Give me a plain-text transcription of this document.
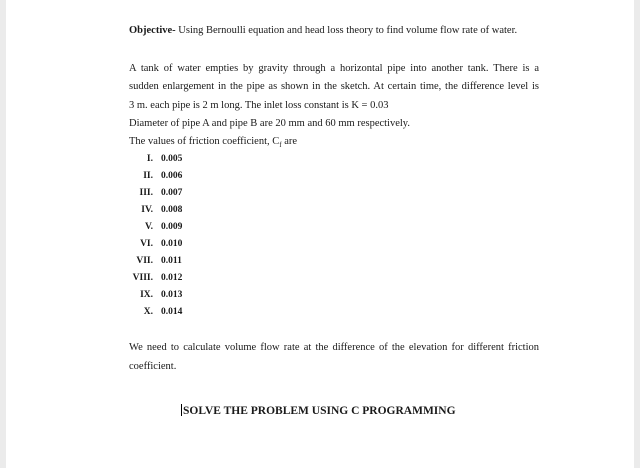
Objective- Using Bernoulli equation and head loss theory to find volume flow rate of water.
A tank of water empties by gravity through a horizontal pipe into another tank. There is a
sudden enlargement in the pipe as shown in the sketch. At certain time, the difference level is
3 m. each pipe is 2 m long. The inlet loss constant is K = 0.03
Diameter of pipe A and pipe B are 20 mm and 60 mm respectively.
The values of friction coefficient, $C_f$ are
I. 0.005
II. 0.006
III. 0.007
IV. 0.008
V. 0.009
VI. 0.010
VII. 0.011
VIII. 0.012
IX. 0.013
X. 0.014
We need to calculate volume flow rate at the difference of the elevation for different friction
coefficient.
SOLVE THE PROBLEM USING C PROGRAMMING
